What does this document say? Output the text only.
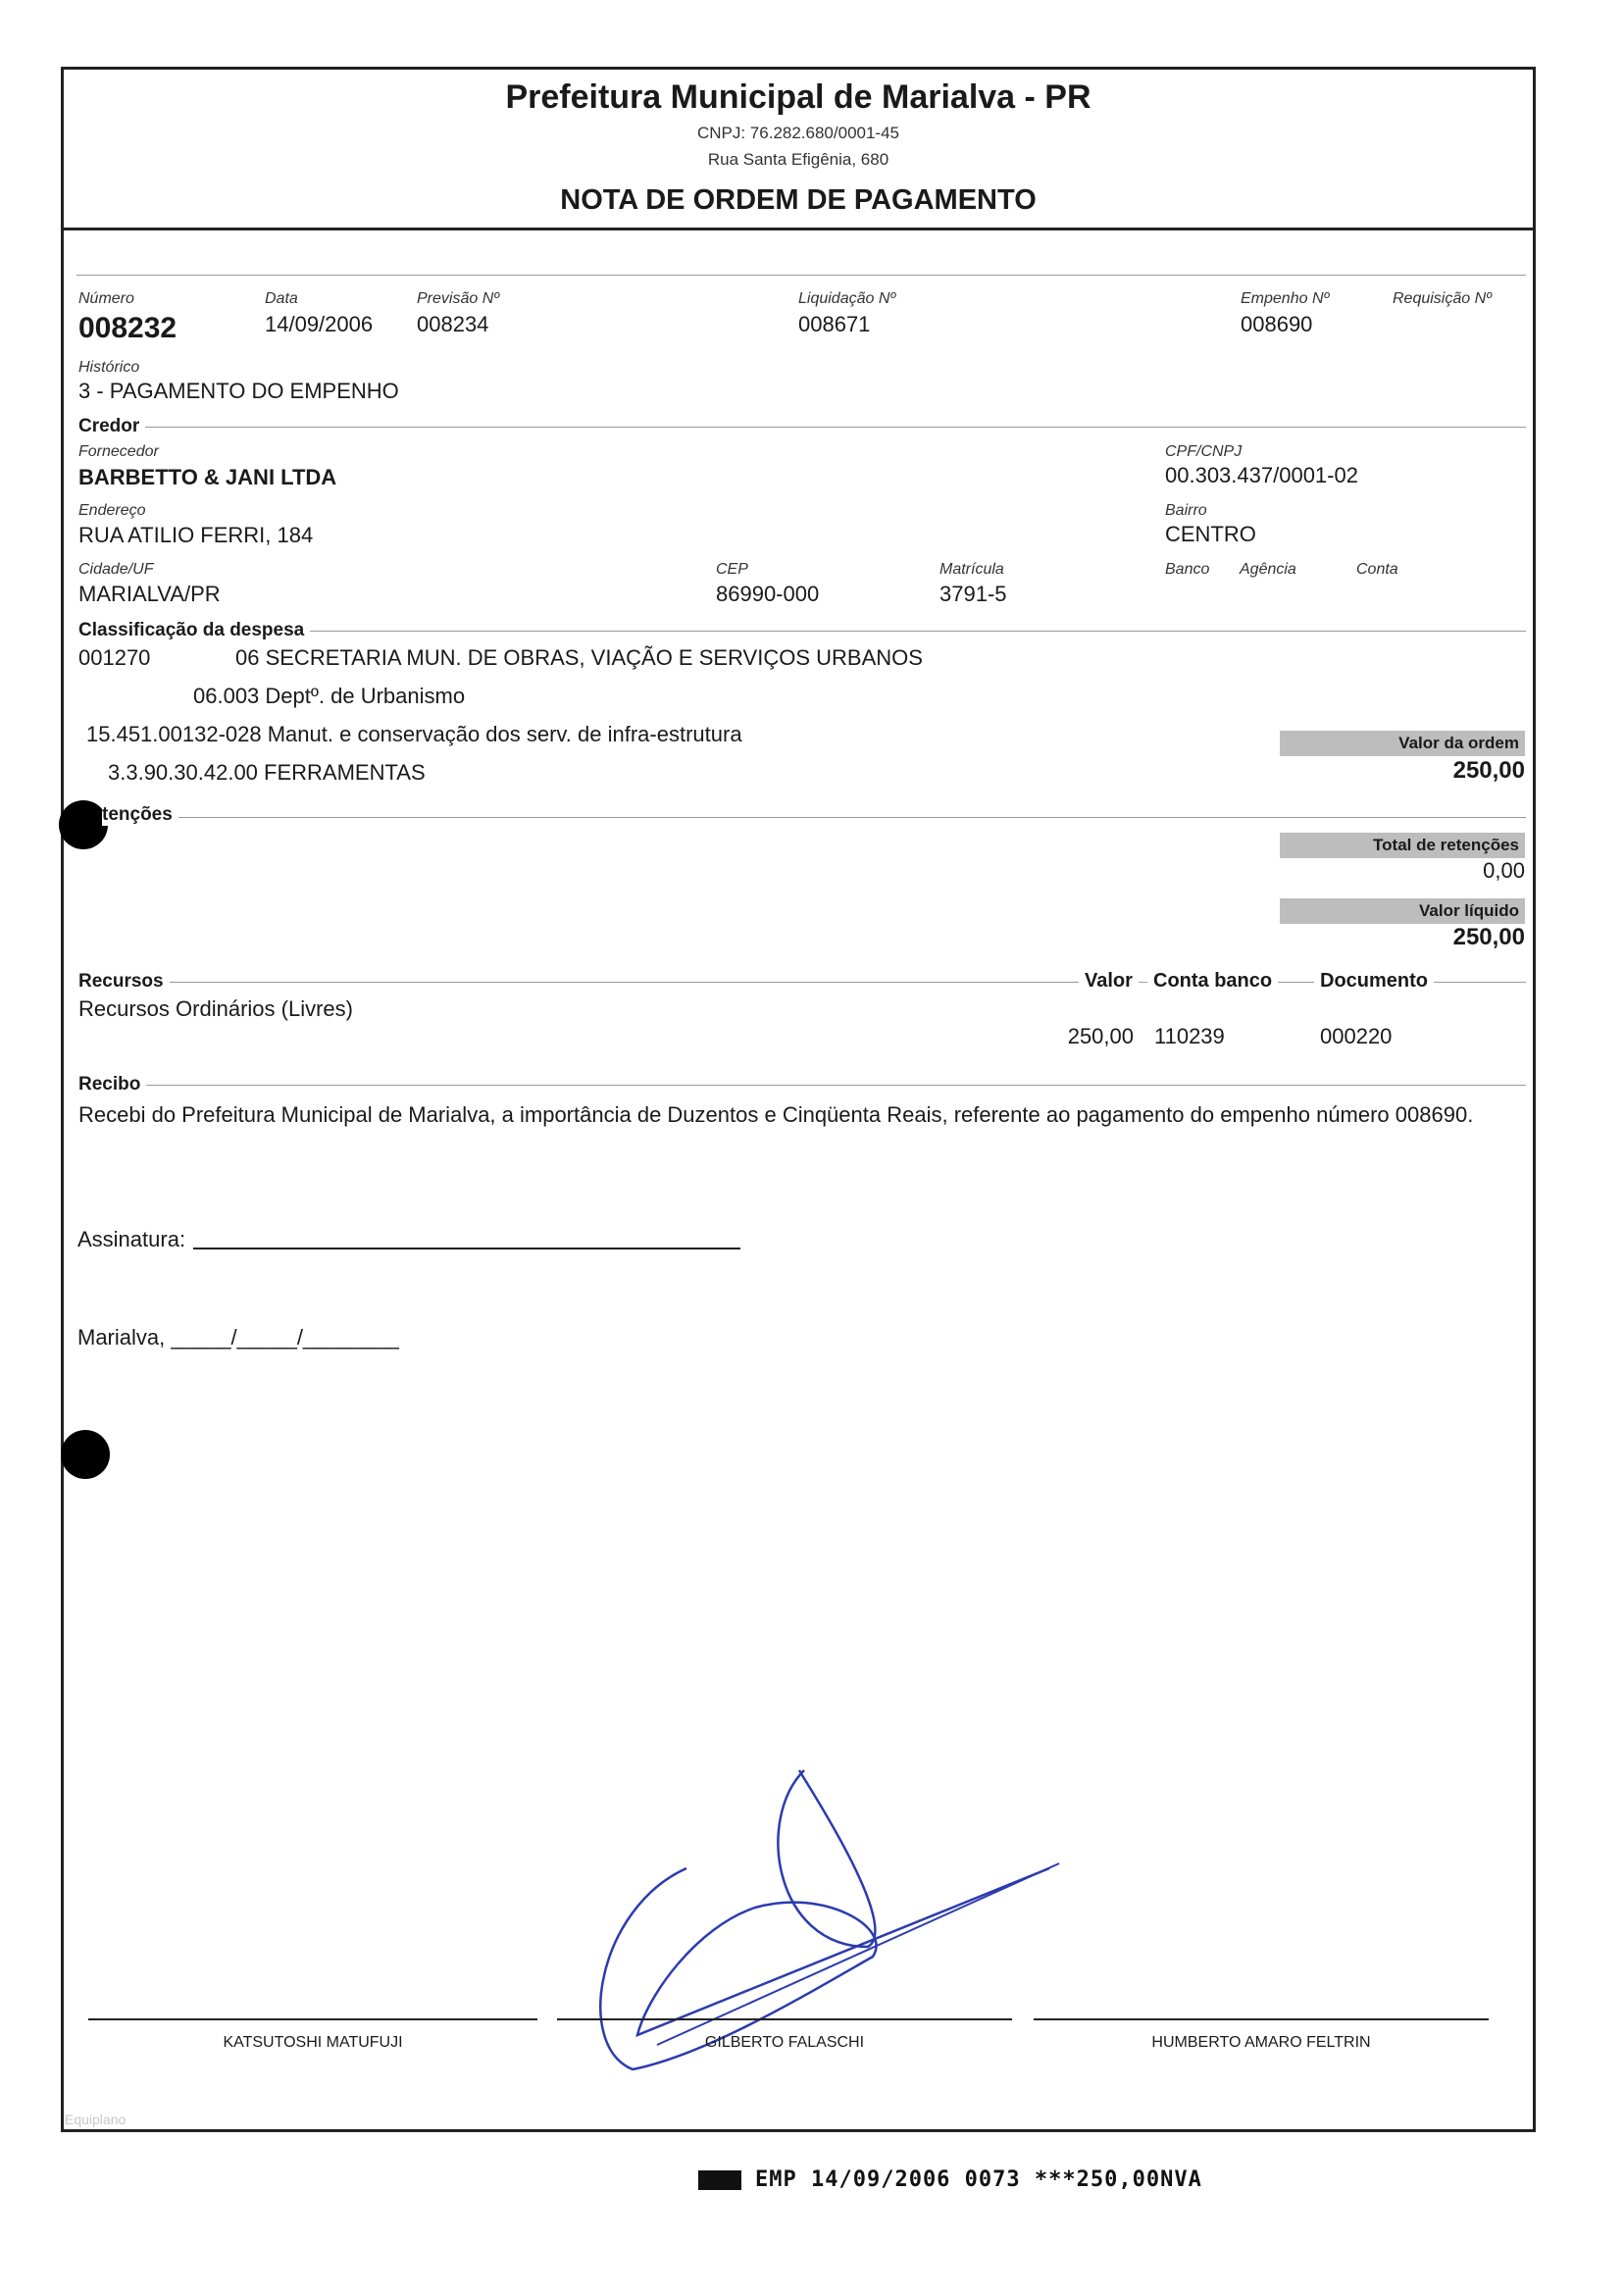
Prefeitura Municipal de Marialva - PR
CNPJ: 76.282.680/0001-45
Rua Santa Efigênia, 680
NOTA DE ORDEM DE PAGAMENTO
Número
008232
Data
14/09/2006
Previsão Nº
008234
Liquidação Nº
008671
Empenho Nº
008690
Requisição Nº
Histórico
3 - PAGAMENTO DO EMPENHO
Credor
Fornecedor
BARBETTO & JANI LTDA
CPF/CNPJ
00.303.437/0001-02
Endereço
RUA ATILIO FERRI, 184
Bairro
CENTRO
Cidade/UF
MARIALVA/PR
CEP
86990-000
Matrícula
3791-5
Banco Agência	Conta
Classificação da despesa
001270	06 SECRETARIA MUN. DE OBRAS, VIAÇÃO E SERVIÇOS URBANOS
06.003 Deptº. de Urbanismo
15.451.00132-028 Manut. e conservação dos serv. de infra-estrutura
3.3.90.30.42.00 FERRAMENTAS
Valor da ordem
250,00
tenções
Total de retenções
0,00
Valor líquido
250,00
Recursos	Valor	Conta banco	Documento
Recursos Ordinários (Livres)
250,00 110239	000220
Recibo
Recebi do Prefeitura Municipal de Marialva, a importância de Duzentos e Cinqüenta Reais, referente ao pagamento do empenho número 008690.
Assinatura:
Marialva, _____/_____/________
KATSUTOSHI MATUFUJI	GILBERTO FALASCHI	HUMBERTO AMARO FELTRIN
Equiplano
EMP 14/09/2006 0073 ***250,00NVA
